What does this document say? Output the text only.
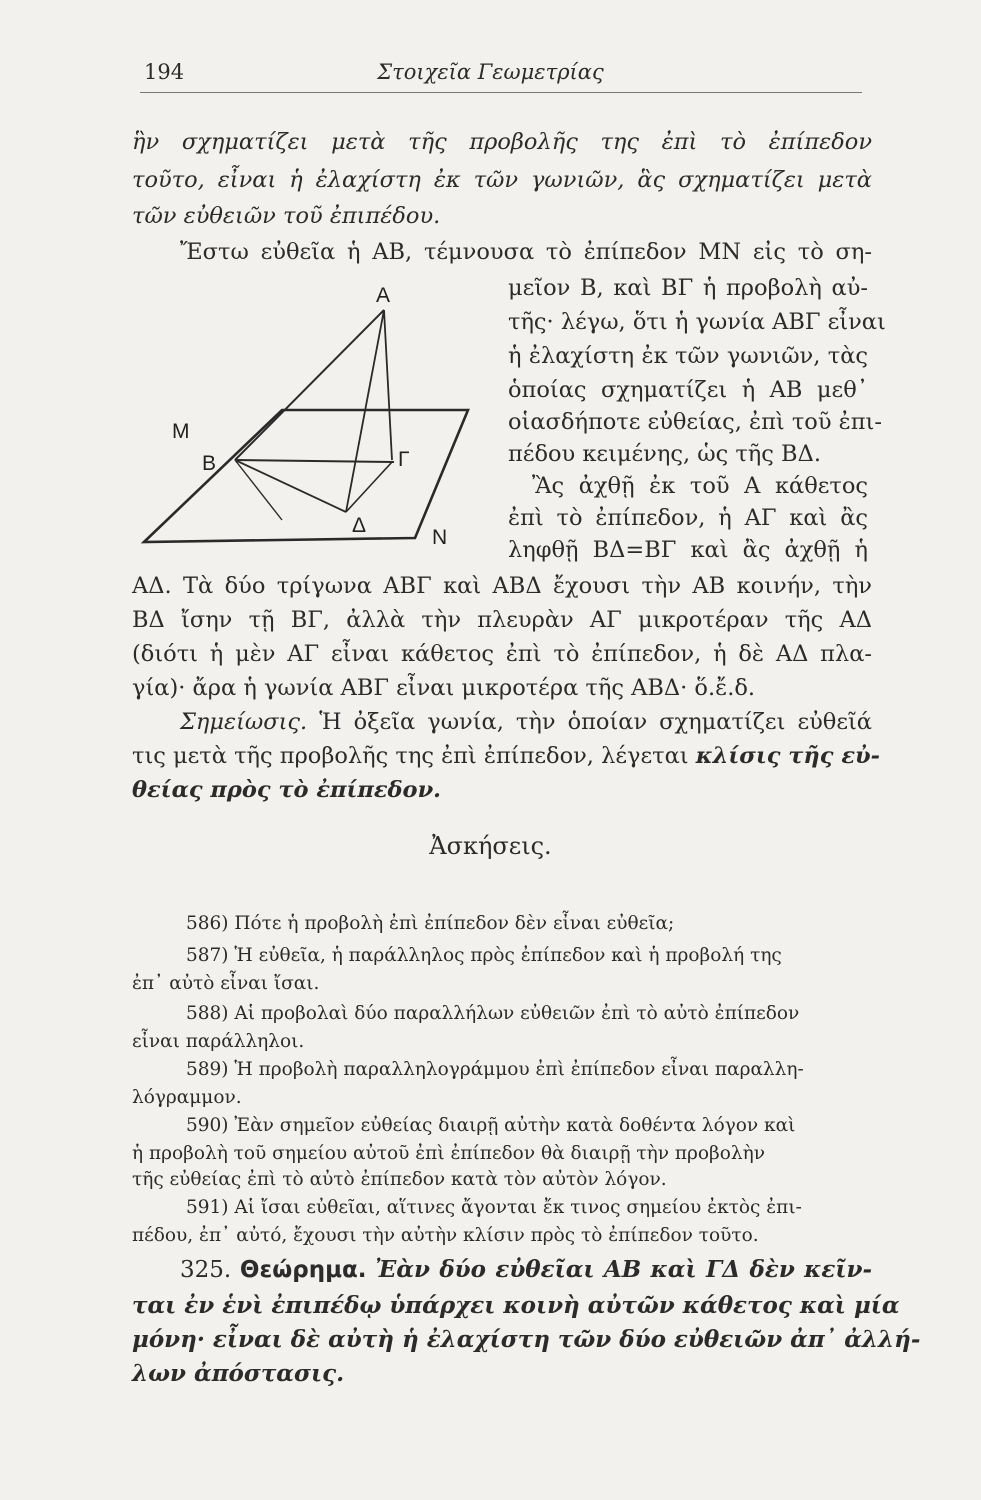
194	Στοιχεῖα Γεωμετρίας
ἣν σχηματίζει μετὰ τῆς προβολῆς της ἐπὶ τὸ ἐπίπεδον
τοῦτο, εἶναι ἡ ἐλαχίστη ἐκ τῶν γωνιῶν, ἃς σχηματίζει μετὰ
τῶν εὐθειῶν τοῦ ἐπιπέδου.
Ἔστω εὐθεῖα ἡ ΑΒ, τέμνουσα τὸ ἐπίπεδον ΜΝ εἰς τὸ ση-
A
M
B	Γ
Δ
N
μεῖον Β, καὶ ΒΓ ἡ προβολὴ αὐ-
τῆς· λέγω, ὅτι ἡ γωνία ΑΒΓ εἶναι
ἡ ἐλαχίστη ἐκ τῶν γωνιῶν, τὰς
ὁποίας σχηματίζει ἡ ΑΒ μεθ᾽
οἱασδήποτε εὐθείας, ἐπὶ τοῦ ἐπι-
πέδου κειμένης, ὡς τῆς ΒΔ.
Ἂς ἀχθῇ ἐκ τοῦ Α κάθετος
ἐπὶ τὸ ἐπίπεδον, ἡ ΑΓ καὶ ἂς
ληφθῇ ΒΔ=ΒΓ καὶ ἂς ἀχθῇ ἡ
ΑΔ. Τὰ δύο τρίγωνα ΑΒΓ καὶ ΑΒΔ ἔχουσι τὴν ΑΒ κοινήν, τὴν
ΒΔ ἴσην τῇ ΒΓ, ἀλλὰ τὴν πλευρὰν ΑΓ μικροτέραν τῆς ΑΔ
(διότι ἡ μὲν ΑΓ εἶναι κάθετος ἐπὶ τὸ ἐπίπεδον, ἡ δὲ ΑΔ πλα-
γία)· ἄρα ἡ γωνία ΑΒΓ εἶναι μικροτέρα τῆς ΑΒΔ· ὅ.ἔ.δ.
Σημείωσις. Ἡ ὀξεῖα γωνία, τὴν ὁποίαν σχηματίζει εὐθεῖά
τις μετὰ τῆς προβολῆς της ἐπὶ ἐπίπεδον, λέγεται κλίσις τῆς εὐ-
θείας πρὸς τὸ ἐπίπεδον.
Ἀσκήσεις.
586) Πότε ἡ προβολὴ ἐπὶ ἐπίπεδον δὲν εἶναι εὐθεῖα;
587) Ἡ εὐθεῖα, ἡ παράλληλος πρὸς ἐπίπεδον καὶ ἡ προβολή της
ἐπ᾽ αὐτὸ εἶναι ἴσαι.
588) Αἱ προβολαὶ δύο παραλλήλων εὐθειῶν ἐπὶ τὸ αὐτὸ ἐπίπεδον
εἶναι παράλληλοι.
589) Ἡ προβολὴ παραλληλογράμμου ἐπὶ ἐπίπεδον εἶναι παραλλη-
λόγραμμον.
590) Ἐὰν σημεῖον εὐθείας διαιρῇ αὐτὴν κατὰ δοθέντα λόγον καὶ
ἡ προβολὴ τοῦ σημείου αὐτοῦ ἐπὶ ἐπίπεδον θὰ διαιρῇ τὴν προβολὴν
τῆς εὐθείας ἐπὶ τὸ αὐτὸ ἐπίπεδον κατὰ τὸν αὐτὸν λόγον.
591) Αἱ ἴσαι εὐθεῖαι, αἵτινες ἄγονται ἔκ τινος σημείου ἐκτὸς ἐπι-
πέδου, ἐπ᾽ αὐτό, ἔχουσι τὴν αὐτὴν κλίσιν πρὸς τὸ ἐπίπεδον τοῦτο.
325. Θεώρημα. Ἐὰν δύο εὐθεῖαι ΑΒ καὶ ΓΔ δὲν κεῖν-
ται ἐν ἑνὶ ἐπιπέδῳ ὑπάρχει κοινὴ αὐτῶν κάθετος καὶ μία
μόνη· εἶναι δὲ αὐτὴ ἡ ἐλαχίστη τῶν δύο εὐθειῶν ἀπ᾽ ἀλλή-
λων ἀπόστασις.
